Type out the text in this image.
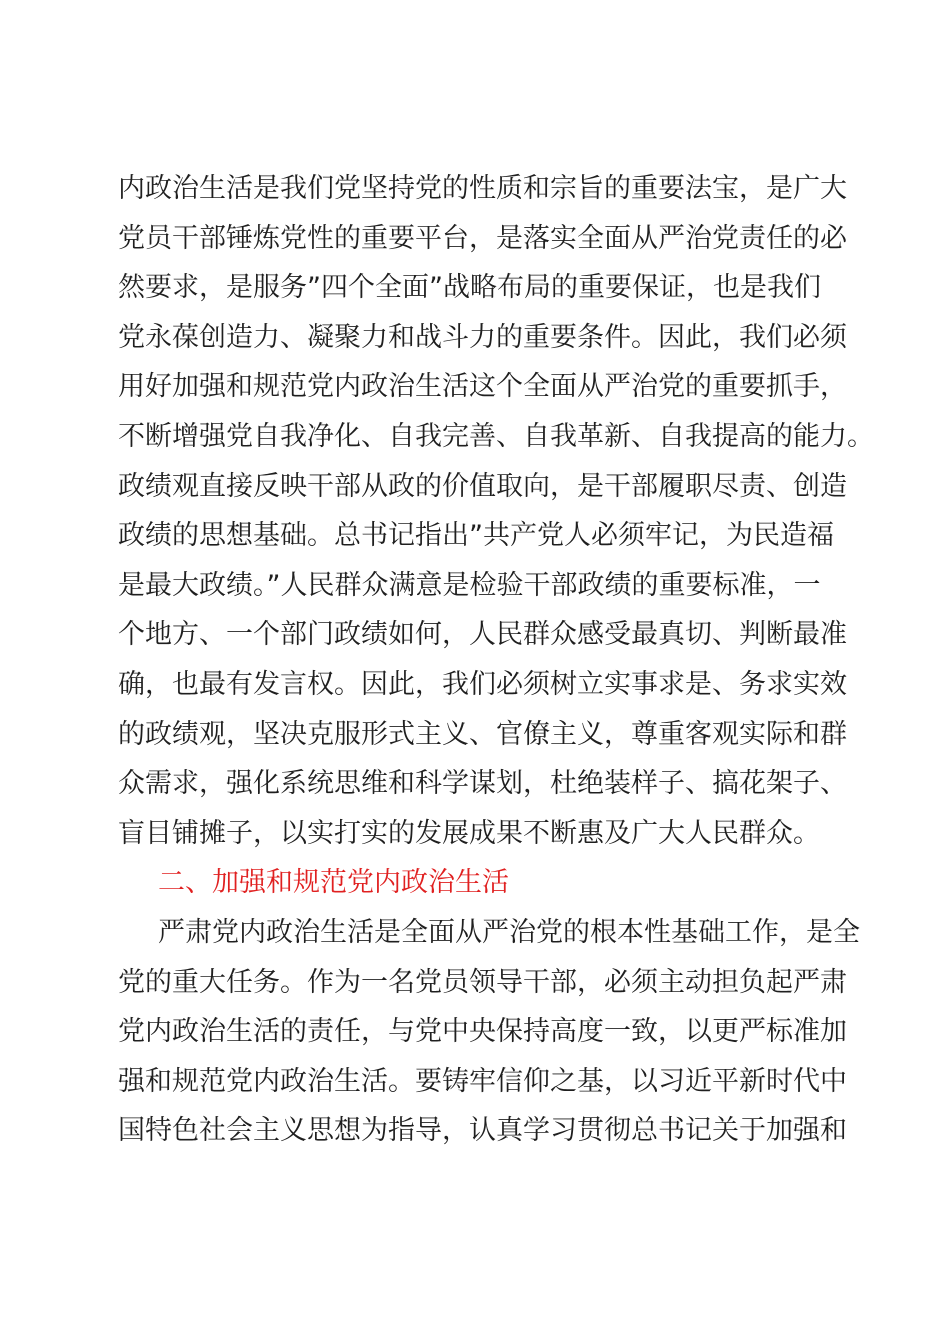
内政治生活是我们党坚持党的性质和宗旨的重要法宝，是广大
党员干部锤炼党性的重要平台，是落实全面从严治党责任的必
然要求，是服务”四个全面”战略布局的重要保证，也是我们
党永葆创造力、凝聚力和战斗力的重要条件。因此，我们必须
用好加强和规范党内政治生活这个全面从严治党的重要抓手，
不断增强党自我净化、自我完善、自我革新、自我提高的能力。
政绩观直接反映干部从政的价值取向，是干部履职尽责、创造
政绩的思想基础。总书记指出”共产党人必须牢记，为民造福
是最大政绩。”人民群众满意是检验干部政绩的重要标准，一
个地方、一个部门政绩如何，人民群众感受最真切、判断最准
确，也最有发言权。因此，我们必须树立实事求是、务求实效
的政绩观，坚决克服形式主义、官僚主义，尊重客观实际和群
众需求，强化系统思维和科学谋划，杜绝装样子、搞花架子、
盲目铺摊子，以实打实的发展成果不断惠及广大人民群众。
二、加强和规范党内政治生活
严肃党内政治生活是全面从严治党的根本性基础工作，是全
党的重大任务。作为一名党员领导干部，必须主动担负起严肃
党内政治生活的责任，与党中央保持高度一致，以更严标准加
强和规范党内政治生活。要铸牢信仰之基，以习近平新时代中
国特色社会主义思想为指导，认真学习贯彻总书记关于加强和
